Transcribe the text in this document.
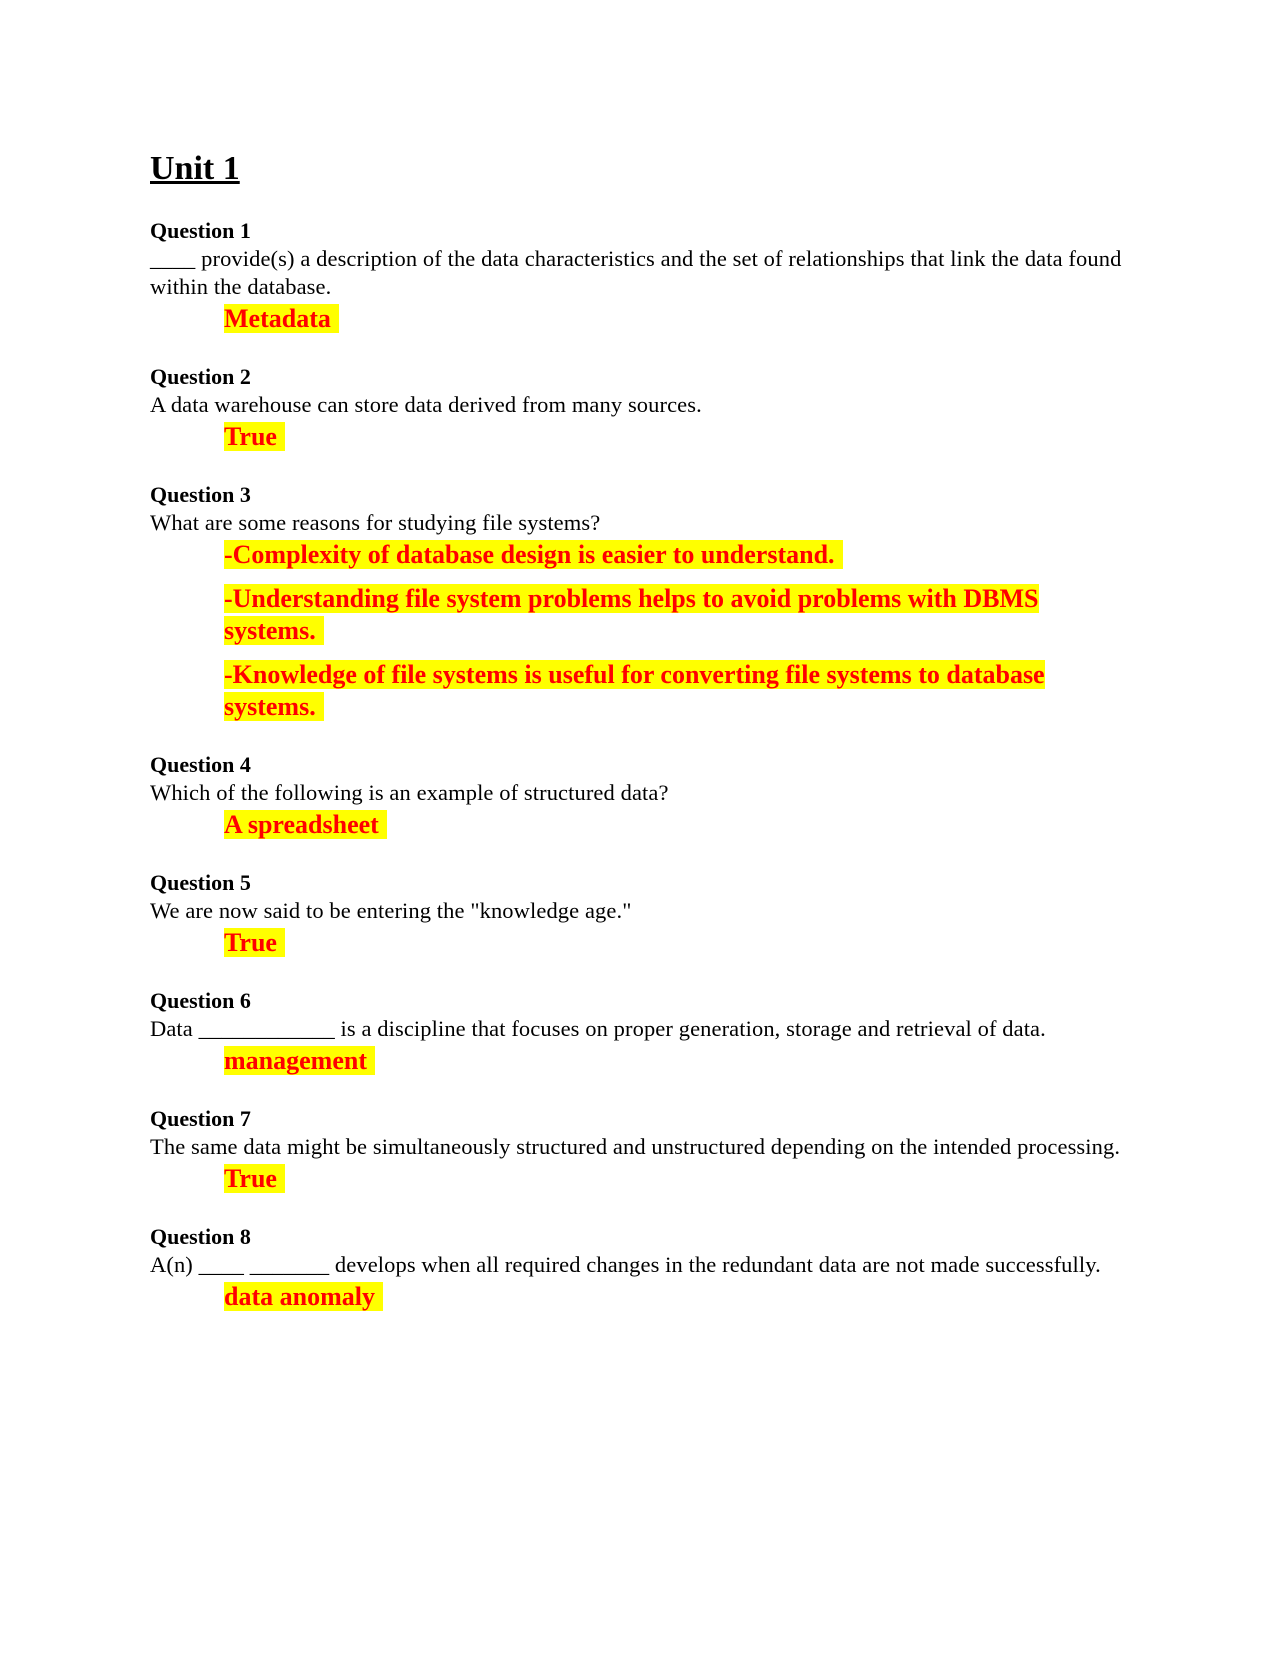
Unit 1
Question 1
____ provide(s) a description of the data characteristics and the set of relationships that link the data found within the database.
Metadata
Question 2
A data warehouse can store data derived from many sources.
True
Question 3
What are some reasons for studying file systems?
-Complexity of database design is easier to understand.
-Understanding file system problems helps to avoid problems with DBMS systems.
-Knowledge of file systems is useful for converting file systems to database systems.
Question 4
Which of the following is an example of structured data?
A spreadsheet
Question 5
We are now said to be entering the "knowledge age."
True
Question 6
Data ____________ is a discipline that focuses on proper generation, storage and retrieval of data.
management
Question 7
The same data might be simultaneously structured and unstructured depending on the intended processing.
True
Question 8
A(n) ____ _______ develops when all required changes in the redundant data are not made successfully.
data anomaly
